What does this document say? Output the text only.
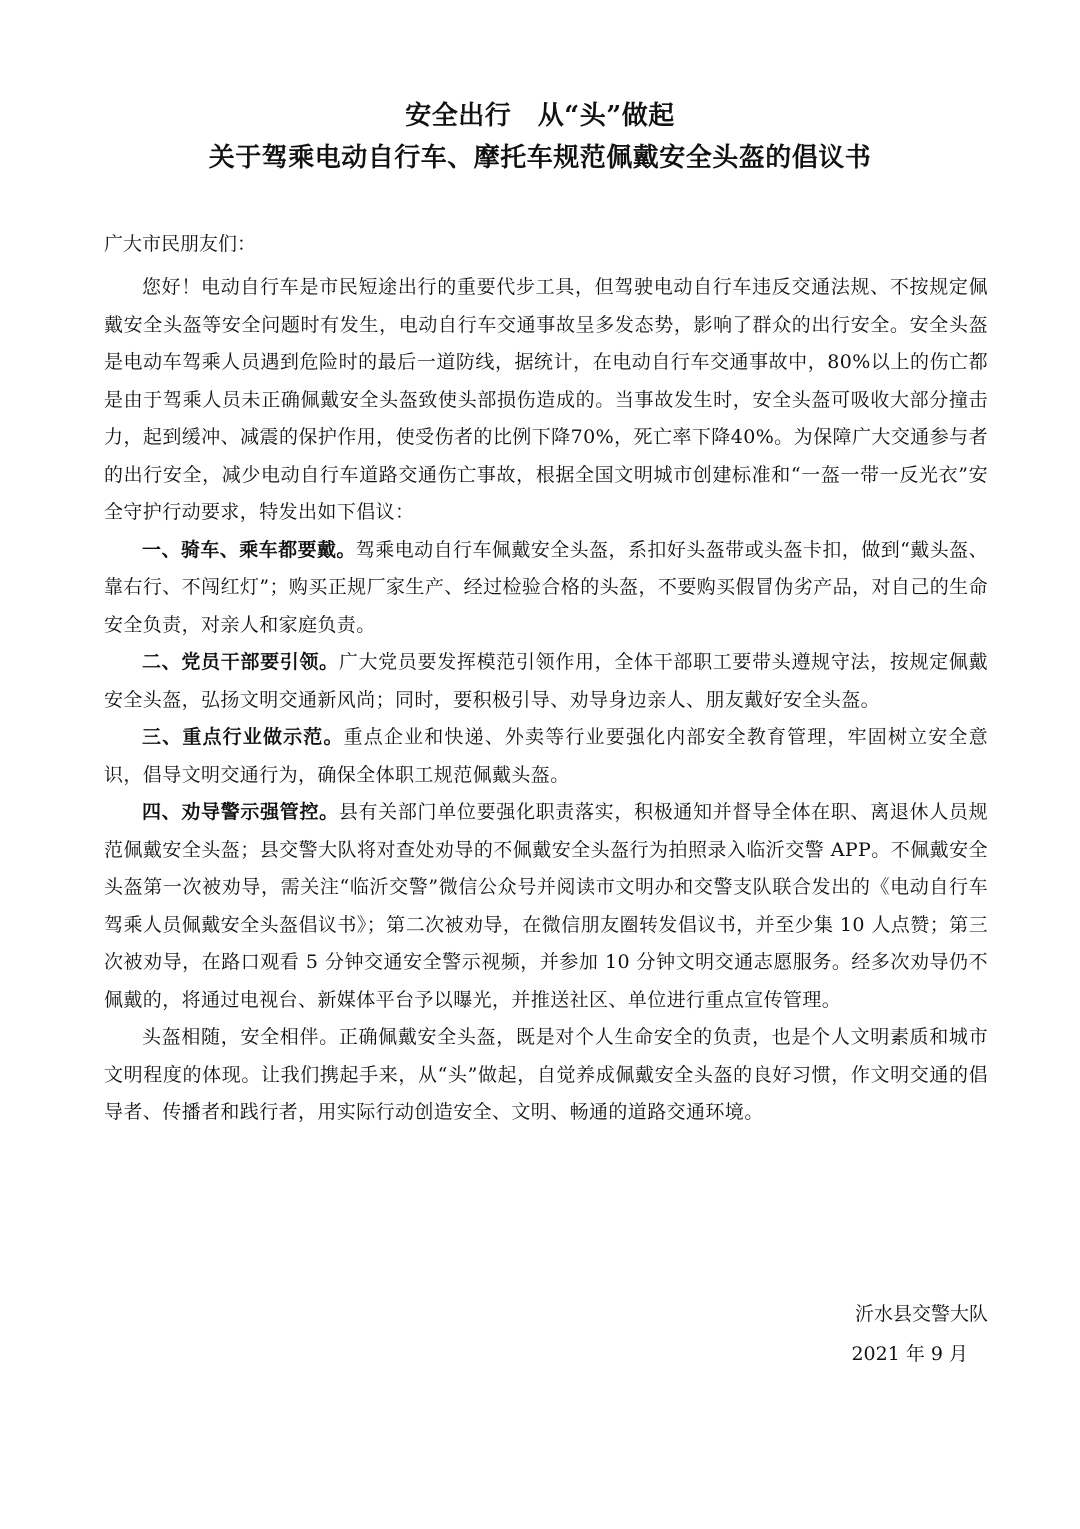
安全出行　从“头”做起
关于驾乘电动自行车、摩托车规范佩戴安全头盔的倡议书
广大市民朋友们：

您好！电动自行车是市民短途出行的重要代步工具，但驾驶电动自行车违反交通法规、不按规定佩戴安全头盔等安全问题时有发生，电动自行车交通事故呈多发态势，影响了群众的出行安全。安全头盔是电动车驾乘人员遇到危险时的最后一道防线，据统计，在电动自行车交通事故中，80%以上的伤亡都是由于驾乘人员未正确佩戴安全头盔致使头部损伤造成的。当事故发生时，安全头盔可吸收大部分撞击力，起到缓冲、减震的保护作用，使受伤者的比例下降70%，死亡率下降40%。为保障广大交通参与者的出行安全，减少电动自行车道路交通伤亡事故，根据全国文明城市创建标准和“一盔一带一反光衣”安全守护行动要求，特发出如下倡议：

一、骑车、乘车都要戴。驾乘电动自行车佩戴安全头盔，系扣好头盔带或头盔卡扣，做到“戴头盔、靠右行、不闯红灯”；购买正规厂家生产、经过检验合格的头盔，不要购买假冒伪劣产品，对自己的生命安全负责，对亲人和家庭负责。

二、党员干部要引领。广大党员要发挥模范引领作用，全体干部职工要带头遵规守法，按规定佩戴安全头盔，弘扬文明交通新风尚；同时，要积极引导、劝导身边亲人、朋友戴好安全头盔。

三、重点行业做示范。重点企业和快递、外卖等行业要强化内部安全教育管理，牢固树立安全意识，倡导文明交通行为，确保全体职工规范佩戴头盔。

四、劝导警示强管控。县有关部门单位要强化职责落实，积极通知并督导全体在职、离退休人员规范佩戴安全头盔；县交警大队将对查处劝导的不佩戴安全头盔行为拍照录入临沂交警 APP。不佩戴安全头盔第一次被劝导，需关注“临沂交警”微信公众号并阅读市文明办和交警支队联合发出的《电动自行车驾乘人员佩戴安全头盔倡议书》；第二次被劝导，在微信朋友圈转发倡议书，并至少集 10 人点赞；第三次被劝导，在路口观看 5 分钟交通安全警示视频，并参加 10 分钟文明交通志愿服务。经多次劝导仍不佩戴的，将通过电视台、新媒体平台予以曝光，并推送社区、单位进行重点宣传管理。

头盔相随，安全相伴。正确佩戴安全头盔，既是对个人生命安全的负责，也是个人文明素质和城市文明程度的体现。让我们携起手来，从“头”做起，自觉养成佩戴安全头盔的良好习惯，作文明交通的倡导者、传播者和践行者，用实际行动创造安全、文明、畅通的道路交通环境。

沂水县交警大队
2021 年 9 月
